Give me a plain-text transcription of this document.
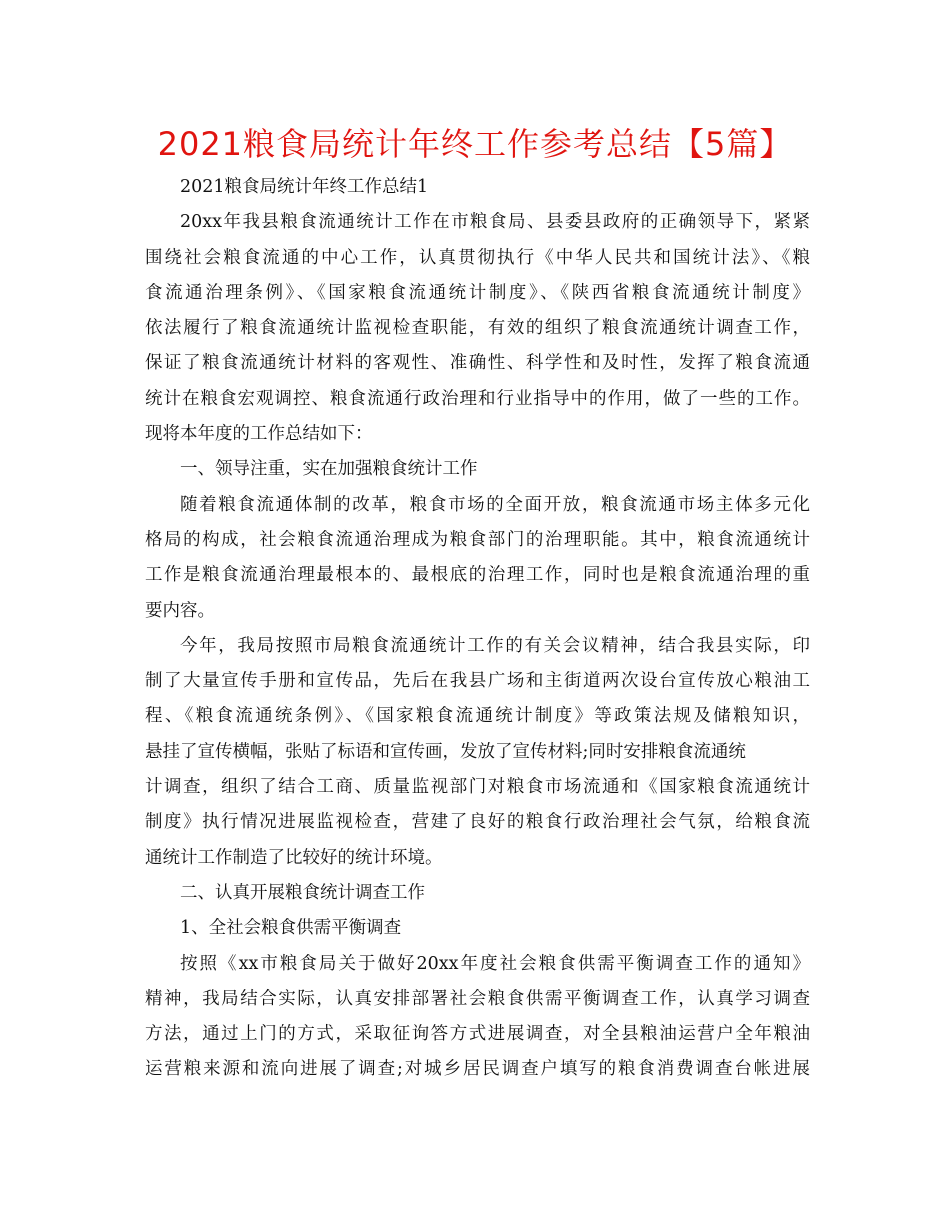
2021粮食局统计年终工作参考总结【5篇】
2021粮食局统计年终工作总结1
20xx年我县粮食流通统计工作在市粮食局、县委县政府的正确领导下，紧紧
围绕社会粮食流通的中心工作，认真贯彻执行《中华人民共和国统计法》、《粮
食流通治理条例》、《国家粮食流通统计制度》、《陕西省粮食流通统计制度》
依法履行了粮食流通统计监视检查职能，有效的组织了粮食流通统计调查工作，
保证了粮食流通统计材料的客观性、准确性、科学性和及时性，发挥了粮食流通
统计在粮食宏观调控、粮食流通行政治理和行业指导中的作用，做了一些的工作。
现将本年度的工作总结如下：
一、领导注重，实在加强粮食统计工作
随着粮食流通体制的改革，粮食市场的全面开放，粮食流通市场主体多元化
格局的构成，社会粮食流通治理成为粮食部门的治理职能。其中，粮食流通统计
工作是粮食流通治理最根本的、最根底的治理工作，同时也是粮食流通治理的重
要内容。
今年，我局按照市局粮食流通统计工作的有关会议精神，结合我县实际，印
制了大量宣传手册和宣传品，先后在我县广场和主街道两次设台宣传放心粮油工
程、《粮食流通统条例》、《国家粮食流通统计制度》等政策法规及储粮知识，
悬挂了宣传横幅，张贴了标语和宣传画，发放了宣传材料;同时安排粮食流通统
计调查，组织了结合工商、质量监视部门对粮食市场流通和《国家粮食流通统计
制度》执行情况进展监视检查，营建了良好的粮食行政治理社会气氛，给粮食流
通统计工作制造了比较好的统计环境。
二、认真开展粮食统计调查工作
1、全社会粮食供需平衡调查
按照《xx市粮食局关于做好20xx年度社会粮食供需平衡调查工作的通知》
精神，我局结合实际，认真安排部署社会粮食供需平衡调查工作，认真学习调查
方法，通过上门的方式，采取征询答方式进展调查，对全县粮油运营户全年粮油
运营粮来源和流向进展了调查;对城乡居民调查户填写的粮食消费调查台帐进展
